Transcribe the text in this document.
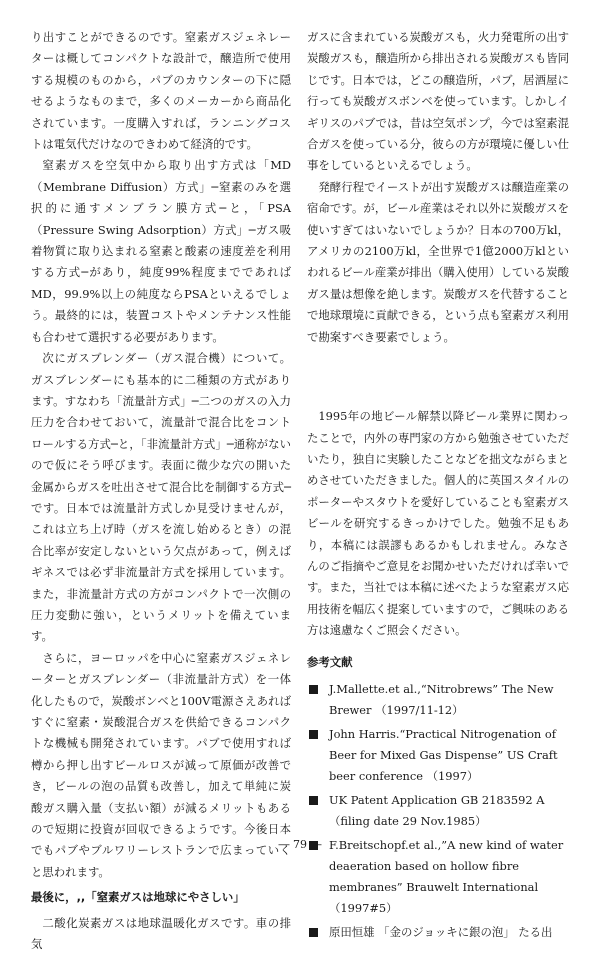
り出すことができるのです。窒素ガスジェネレーターは概してコンパクトな設計で，醸造所で使用する規模のものから，パブのカウンターの下に隠せるようなものまで，多くのメーカーから商品化されています。一度購入すれば，ランニングコストは電気代だけなのできわめて経済的です。

窒素ガスを空気中から取り出す方式は「MD（Membrane Diffusion）方式」─窒素のみを選択的に通すメンブラン膜方式─と，「PSA（Pressure Swing Adsorption）方式」─ガス吸着物質に取り込まれる窒素と酸素の速度差を利用する方式─があり，純度99%程度までであればMD，99.9%以上の純度ならPSAといえるでしょう。最終的には，装置コストやメンテナンス性能も合わせて選択する必要があります。

次にガスブレンダー（ガス混合機）について。ガスブレンダーにも基本的に二種類の方式があります。すなわち「流量計方式」─二つのガスの入力圧力を合わせておいて，流量計で混合比をコントロールする方式─と，「非流量計方式」─通称がないので仮にそう呼びます。表面に微少な穴の開いた金属からガスを吐出させて混合比を制御する方式─です。日本では流量計方式しか見受けませんが，これは立ち上げ時（ガスを流し始めるとき）の混合比率が安定しないという欠点があって，例えばギネスでは必ず非流量計方式を採用しています。また，非流量計方式の方がコンパクトで一次側の圧力変動に強い，というメリットを備えています。

さらに，ヨーロッパを中心に窒素ガスジェネレーターとガスブレンダー（非流量計方式）を一体化したもので，炭酸ボンベと100V電源さえあればすぐに窒素・炭酸混合ガスを供給できるコンパクトな機械も開発されています。パブで使用すれば樽から押し出すビールロスが減って原価が改善でき，ビールの泡の品質も改善し，加えて単純に炭酸ガス購入量（支払い額）が減るメリットもあるので短期に投資が回収できるようです。今後日本でもパブやブルワリーレストランで広まっていくと思われます。

最後に，,,「窒素ガスは地球にやさしい」

二酸化炭素ガスは地球温暖化ガスです。車の排気

ガスに含まれている炭酸ガスも，火力発電所の出す炭酸ガスも，醸造所から排出される炭酸ガスも皆同じです。日本では，どこの醸造所，パブ，居酒屋に行っても炭酸ガスボンベを使っています。しかしイギリスのパブでは，昔は空気ポンプ，今では窒素混合ガスを使っている分，彼らの方が環境に優しい仕事をしているといえるでしょう。

発酵行程でイーストが出す炭酸ガスは醸造産業の宿命です。が，ビール産業はそれ以外に炭酸ガスを使いすぎてはいないでしょうか？日本の700万kl，アメリカの2100万kl，全世界で1億2000万klといわれるビール産業が排出（購入使用）している炭酸ガス量は想像を絶します。炭酸ガスを代替することで地球環境に貢献できる，という点も窒素ガス利用で勘案すべき要素でしょう。

1995年の地ビール解禁以降ビール業界に関わったことで，内外の専門家の方から勉強させていただいたり，独自に実験したことなどを拙文ながらまとめさせていただきました。個人的に英国スタイルのポーターやスタウトを愛好していることも窒素ガスビールを研究するきっかけでした。勉強不足もあり，本稿には誤謬もあるかもしれません。みなさんのご指摘やご意見をお聞かせいただければ幸いです。また，当社では本稿に述べたような窒素ガス応用技術を幅広く提案していますので，ご興味のある方は遠慮なくご照会ください。

参考文献
J.Mallette.et al.,“Nitrobrews” The New Brewer （1997/11-12）
John Harris.“Practical Nitrogenation of Beer for Mixed Gas Dispense” US Craft beer conference （1997）
UK Patent Application GB 2183592 A （filing date 29 Nov.1985）
F.Breitschopf.et al.,”A new kind of water deaeration based on hollow fibre membranes” Brauwelt International （1997#5）
原田恒雄 「金のジョッキに銀の泡」 たる出
― 79 ―
